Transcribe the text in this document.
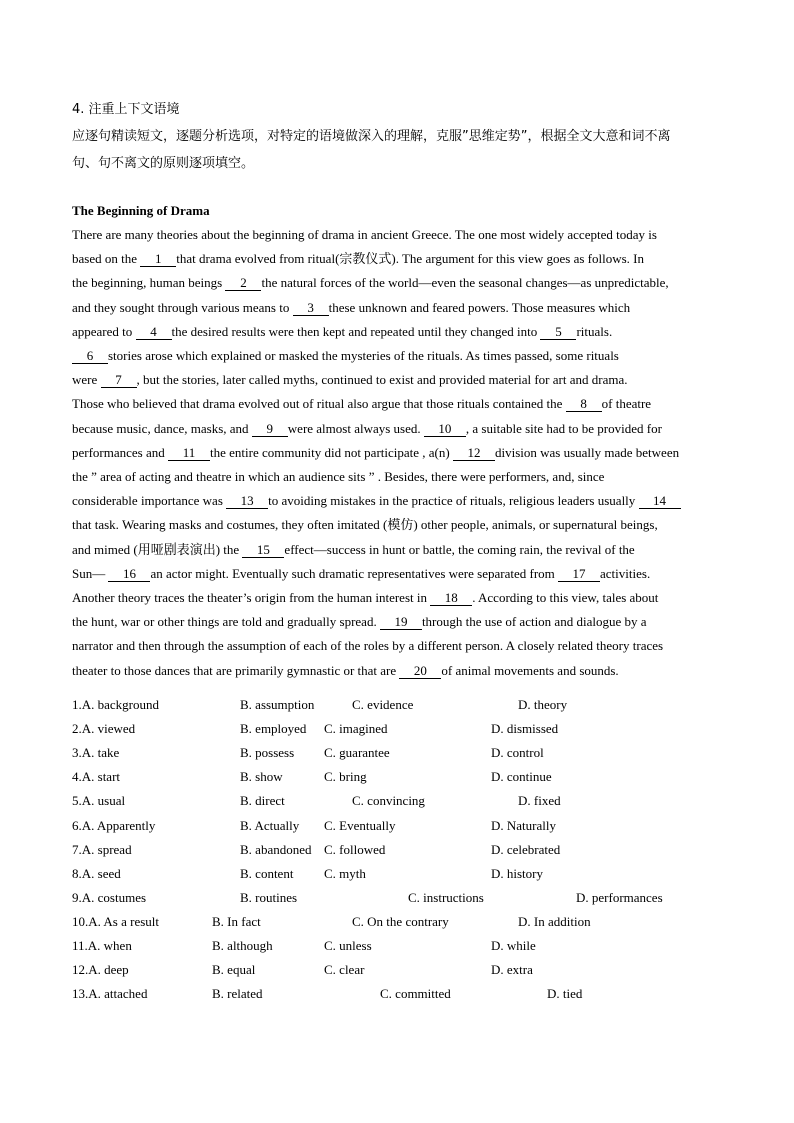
4. 注重上下文语境
应逐句精读短文，逐题分析选项，对特定的语境做深入的理解，克服”思维定势”，根据全文大意和词不离
句、句不离文的原则逐项填空。
The Beginning of Drama
There are many theories about the beginning of drama in ancient Greece. The one most widely accepted today is
based on the 1 that drama evolved from ritual(宗教仪式). The argument for this view goes as follows. In
the beginning, human beings 2 the natural forces of the world—even the seasonal changes—as unpredictable,
and they sought through various means to 3 these unknown and feared powers. Those measures which
appeared to 4 the desired results were then kept and repeated until they changed into 5 rituals.
6 stories arose which explained or masked the mysteries of the rituals. As times passed, some rituals
were 7 , but the stories, later called myths, continued to exist and provided material for art and drama.
Those who believed that drama evolved out of ritual also argue that those rituals contained the 8 of theatre
because music, dance, masks, and 9 were almost always used. 10 , a suitable site had to be provided for
performances and 11 the entire community did not participate , a(n) 12 division was usually made between
the ” area of acting and theatre in which an audience sits ” . Besides, there were performers, and, since
considerable importance was 13 to avoiding mistakes in the practice of rituals, religious leaders usually 14
that task. Wearing masks and costumes, they often imitated (模仿) other people, animals, or supernatural beings,
and mimed (用哑剧表演出) the 15 effect—success in hunt or battle, the coming rain, the revival of the
Sun— 16 an actor might. Eventually such dramatic representatives were separated from 17 activities.
Another theory traces the theater’s origin from the human interest in 18 . According to this view, tales about
the hunt, war or other things are told and gradually spread. 19 through the use of action and dialogue by a
narrator and then through the assumption of each of the roles by a different person. A closely related theory traces
theater to those dances that are primarily gymnastic or that are 20 of animal movements and sounds.
1.A. background	B. assumption	C. evidence	D. theory
2.A. viewed	B. employed C. imagined	D. dismissed
3.A. take	B. possess C. guarantee	D. control
4.A. start	B. show	C. bring	D. continue
5.A. usual	B. direct	C. convincing	D. fixed
6.A. Apparently	B. Actually C. Eventually	D. Naturally
7.A. spread	B. abandoned C. followed	D. celebrated
8.A. seed	B. content C. myth	D. history
9.A. costumes	B. routines	C. instructions	D. performances
10.A. As a result	B. In fact	C. On the contrary	D. In addition
11.A. when	B. although	C. unless	D. while
12.A. deep	B. equal	C. clear	D. extra
13.A. attached	B. related	C. committed	D. tied
